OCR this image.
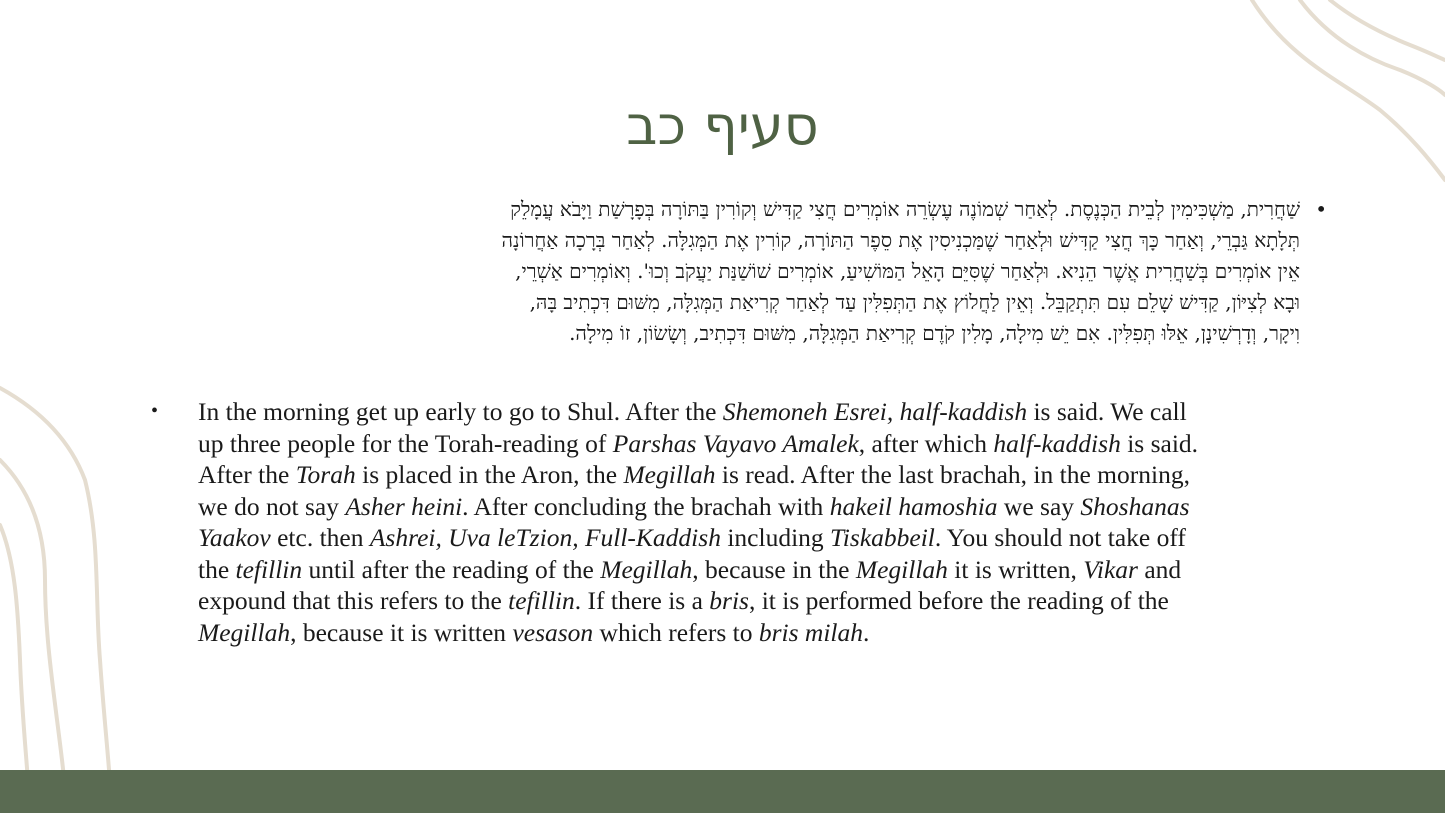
סעיף כב
•
שַׁחֲרִית, מַשְׁכִּימִין לְבֵית הַכְּנֶסֶת. לְאַחַר שְׁמוֹנֶה עֶשְׂרֵה אוֹמְרִים חֲצִי קַדִּישׁ וְקוֹרִין בַּתּוֹרָה בְּפָרָשַׁת וַיָּבֹא עֲמָלֵק
תְּלָתָא גַּבְרֵי, וְאַחַר כָּךְ חֲצִי קַדִּישׁ וּלְאַחַר שֶׁמַּכְנִיסִין אֶת סֵפֶר הַתּוֹרָה, קוֹרִין אֶת הַמְּגִלָּה. לְאַחַר בְּרָכָה אַחֲרוֹנָה
אֵין אוֹמְרִים בְּשַׁחֲרִית אֲשֶׁר הֵנִיא. וּלְאַחַר שֶׁסִּיֵּם הָאֵל הַמּוֹשִׁיעַ, אוֹמְרִים שׁוֹשַׁנַּת יַעֲקֹב וְכוּ'. וְאוֹמְרִים אַשְׁרֵי,
וּבָא לְצִיּוֹן, קַדִּישׁ שָׁלֵם עִם תִּתְקַבֵּל. וְאֵין לַחֲלוֹץ אֶת הַתְּפִלִּין עַד לְאַחַר קְרִיאַת הַמְּגִלָּה, מִשּׁוּם דִּכְתִיב בָּהּ,
וִיקָר, וְדָרְשִׁינָן, אֵלּוּ תְּפִלִּין. אִם יֵשׁ מִילָה, מָלִין קֹדֶם קְרִיאַת הַמְּגִלָּה, מִשּׁוּם דִּכְתִיב, וְשָׂשׂוֹן, זוֹ מִילָה.
• In the morning get up early to go to Shul. After the Shemoneh Esrei, half-kaddish is said. We call
up three people for the Torah-reading of Parshas Vayavo Amalek, after which half-kaddish is said.
After the Torah is placed in the Aron, the Megillah is read. After the last brachah, in the morning,
we do not say Asher heini. After concluding the brachah with hakeil hamoshia we say Shoshanas
Yaakov etc. then Ashrei, Uva leTzion, Full-Kaddish including Tiskabbeil. You should not take off
the tefillin until after the reading of the Megillah, because in the Megillah it is written, Vikar and
expound that this refers to the tefillin. If there is a bris, it is performed before the reading of the
Megillah, because it is written vesason which refers to bris milah.
